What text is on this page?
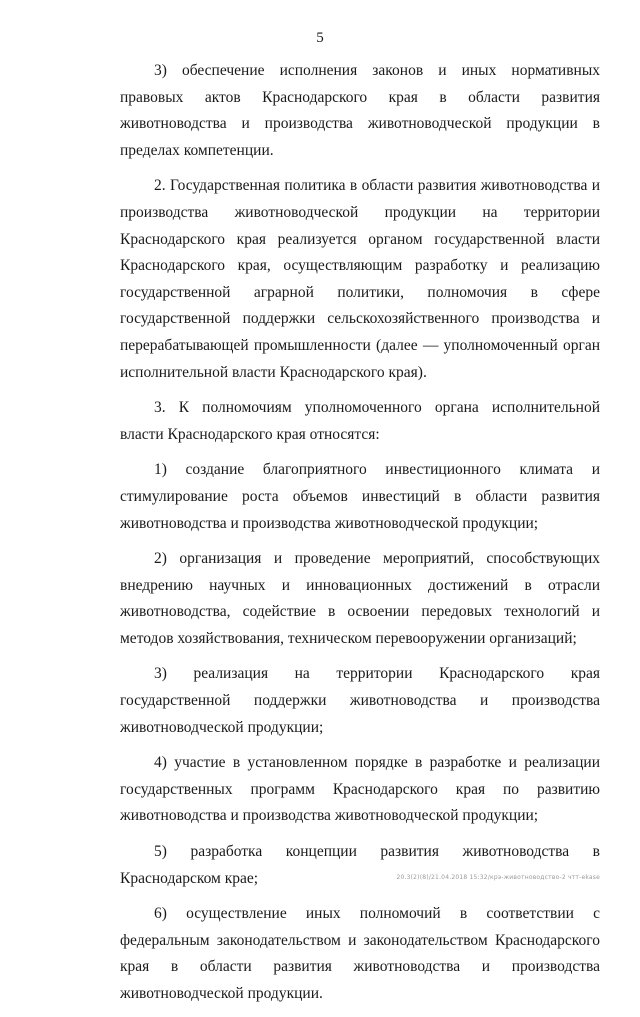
5

3) обеспечение исполнения законов и иных нормативных правовых актов Краснодарского края в области развития животноводства и производства животноводческой продукции в пределах компетенции.

2. Государственная политика в области развития животноводства и производства животноводческой продукции на территории Краснодарского края реализуется органом государственной власти Краснодарского края, осуществляющим разработку и реализацию государственной аграрной политики, полномочия в сфере государственной поддержки сельскохозяйственного производства и перерабатывающей промышленности (далее — уполномоченный орган исполнительной власти Краснодарского края).

3. К полномочиям уполномоченного органа исполнительной власти Краснодарского края относятся:

1) создание благоприятного инвестиционного климата и стимулирование роста объемов инвестиций в области развития животноводства и производства животноводческой продукции;

2) организация и проведение мероприятий, способствующих внедрению научных и инновационных достижений в отрасли животноводства, содействие в освоении передовых технологий и методов хозяйствования, техническом перевооружении организаций;

3) реализация на территории Краснодарского края государственной поддержки животноводства и производства животноводческой продукции;

4) участие в установленном порядке в разработке и реализации государственных программ Краснодарского края по развитию животноводства и производства животноводческой продукции;

5) разработка концепции развития животноводства в Краснодарском крае;

6) осуществление иных полномочий в соответствии с федеральным законодательством и законодательством Краснодарского края в области развития животноводства и производства животноводческой продукции.

20.3(2)(8)/21.04.2018 15:32/крэ-животноводство-2 чтт-ekase
